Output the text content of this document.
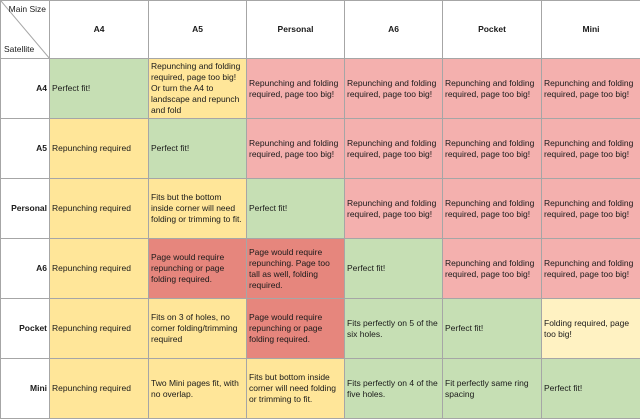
Main Size
Satellite	A4	A5	Personal	A6	Pocket	Mini
A4	Perfect fit!	Repunching and folding required, page too big! Or turn the A4 to landscape and repunch and fold	Repunching and folding required, page too big!	Repunching and folding required, page too big!	Repunching and folding required, page too big!	Repunching and folding required, page too big!
A5	Repunching required	Perfect fit!	Repunching and folding required, page too big!	Repunching and folding required, page too big!	Repunching and folding required, page too big!	Repunching and folding required, page too big!
Personal	Repunching required	Fits but the bottom inside corner will need folding or trimming to fit.	Perfect fit!	Repunching and folding required, page too big!	Repunching and folding required, page too big!	Repunching and folding required, page too big!
A6	Repunching required	Page would require repunching or page folding required.	Page would require repunching. Page too tall as well, folding required.	Perfect fit!	Repunching and folding required, page too big!	Repunching and folding required, page too big!
Pocket	Repunching required	Fits on 3 of holes, no corner folding/trimming required	Page would require repunching or page folding required.	Fits perfectly on 5 of the six holes.	Perfect fit!	Folding required, page too big!
Mini	Repunching required	Two Mini pages fit, with no overlap.	Fits but bottom inside corner will need folding or trimming to fit.	Fits perfectly on 4 of the five holes.	Fit perfectly same ring spacing	Perfect fit!
